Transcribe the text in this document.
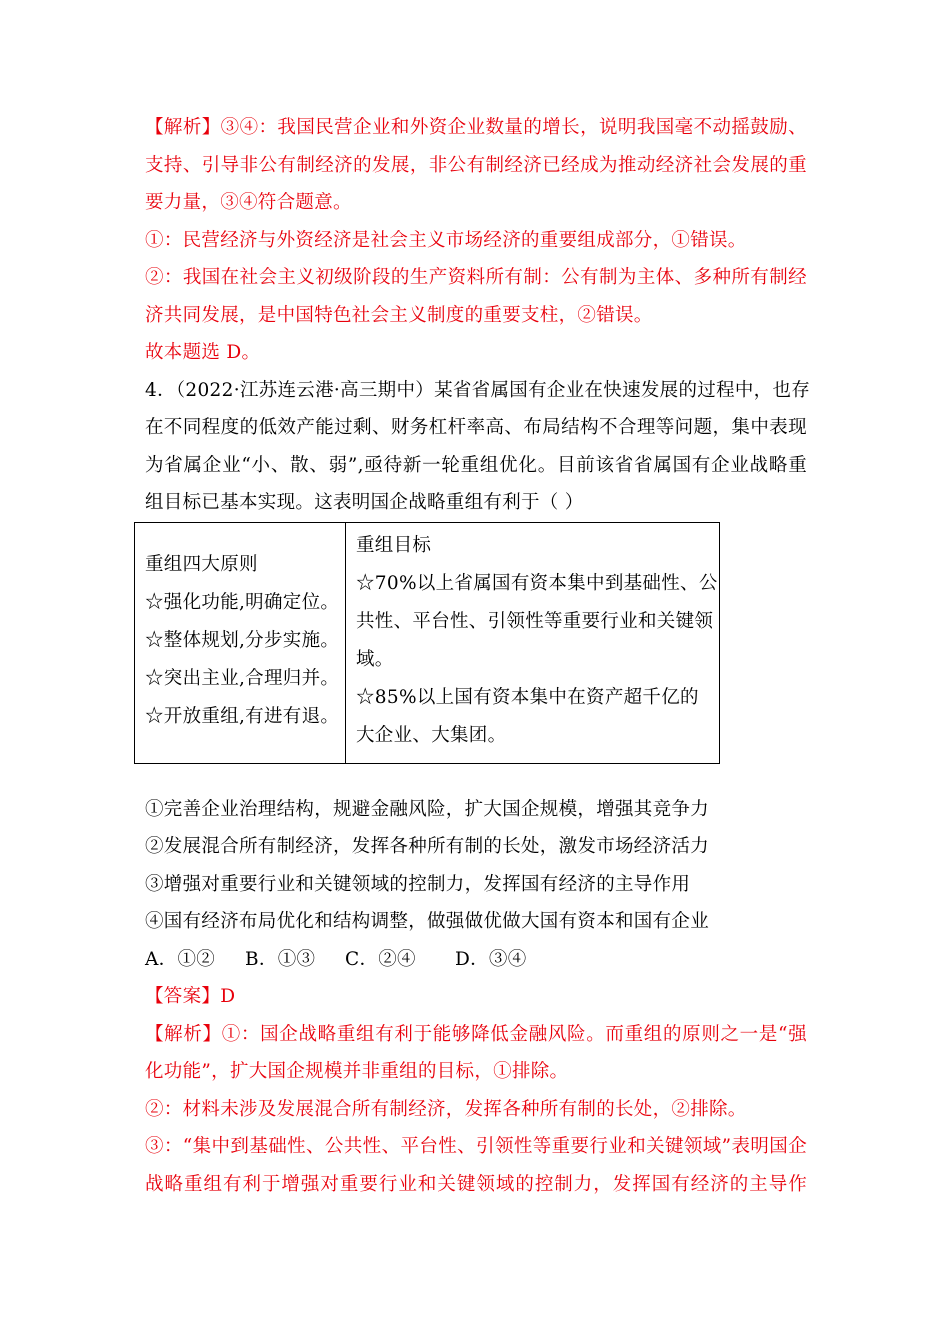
【解析】③④：我国民营企业和外资企业数量的增长，说明我国毫不动摇鼓励、
支持、引导非公有制经济的发展，非公有制经济已经成为推动经济社会发展的重
要力量，③④符合题意。
①：民营经济与外资经济是社会主义市场经济的重要组成部分，①错误。
②：我国在社会主义初级阶段的生产资料所有制：公有制为主体、多种所有制经
济共同发展，是中国特色社会主义制度的重要支柱，②错误。
故本题选 D。
4．（2022·江苏连云港·高三期中）某省省属国有企业在快速发展的过程中，也存
在不同程度的低效产能过剩、财务杠杆率高、布局结构不合理等问题，集中表现
为省属企业“小、散、弱”,亟待新一轮重组优化。目前该省省属国有企业战略重
组目标已基本实现。这表明国企战略重组有利于（ ）
重组四大原则
☆强化功能,明确定位。
☆整体规划,分步实施。
☆突出主业,合理归并。
☆开放重组,有进有退。

重组目标
☆70%以上省属国有资本集中到基础性、公
共性、平台性、引领性等重要行业和关键领
域。
☆85%以上国有资本集中在资产超千亿的
大企业、大集团。
①完善企业治理结构，规避金融风险，扩大国企规模，增强其竞争力
②发展混合所有制经济，发挥各种所有制的长处，激发市场经济活力
③增强对重要行业和关键领域的控制力，发挥国有经济的主导作用
④国有经济布局优化和结构调整，做强做优做大国有资本和国有企业
A．①② B．①③ C．②④ D．③④
【答案】D
【解析】①：国企战略重组有利于能够降低金融风险。而重组的原则之一是“强
化功能”，扩大国企规模并非重组的目标，①排除。
②：材料未涉及发展混合所有制经济，发挥各种所有制的长处，②排除。
③：“集中到基础性、公共性、平台性、引领性等重要行业和关键领域”表明国企
战略重组有利于增强对重要行业和关键领域的控制力，发挥国有经济的主导作
